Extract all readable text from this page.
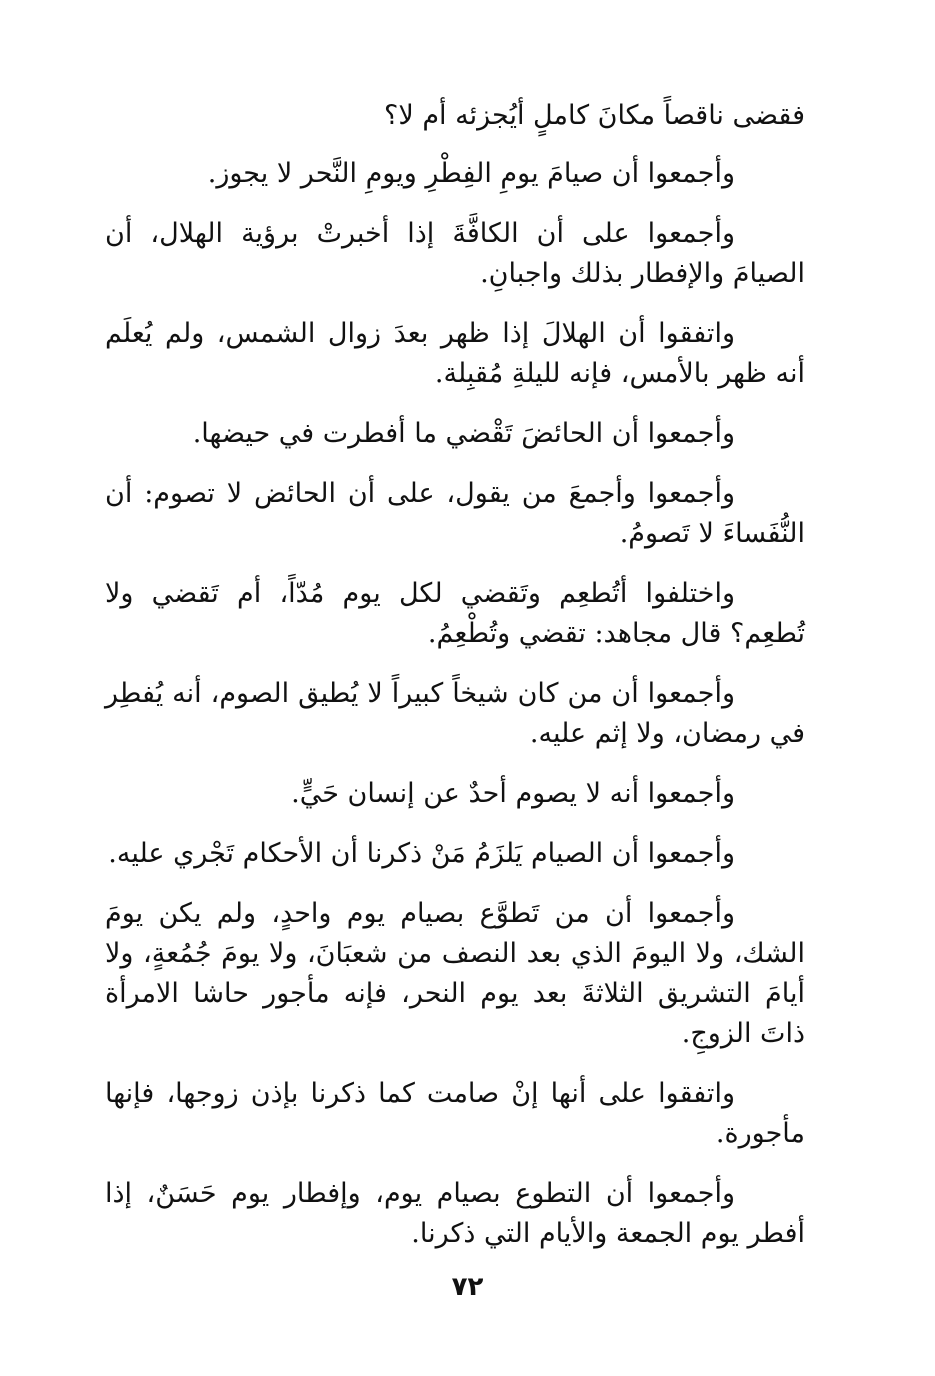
فقضى ناقصاً مكانَ كاملٍ أيُجزئه أم لا؟

وأجمعوا أن صيامَ يومِ الفِطْرِ ويومِ النَّحر لا يجوز.

وأجمعوا على أن الكافَّةَ إذا أخبرتْ برؤية الهلال، أن الصيامَ والإفطار بذلك واجبانِ.

واتفقوا أن الهلالَ إذا ظهر بعدَ زوال الشمس، ولم يُعلَم أنه ظهر بالأمس، فإنه لليلةِ مُقبِلة.

وأجمعوا أن الحائضَ تَقْضي ما أفطرت في حيضها.

وأجمعوا وأجمعَ من يقول، على أن الحائض لا تصوم: أن النُّفَساءَ لا تَصومُ.

واختلفوا أتُطعِم وتَقضي لكل يوم مُدّاً، أم تَقضي ولا تُطعِم؟ قال مجاهد: تقضي وتُطْعِمُ.

وأجمعوا أن من كان شيخاً كبيراً لا يُطيق الصوم، أنه يُفطِر في رمضان، ولا إثم عليه.

وأجمعوا أنه لا يصوم أحدٌ عن إنسان حَيٍّ.

وأجمعوا أن الصيام يَلزَمُ مَنْ ذكرنا أن الأحكام تَجْري عليه.

وأجمعوا أن من تَطوَّع بصيام يوم واحدٍ، ولم يكن يومَ الشك، ولا اليومَ الذي بعد النصف من شعبَانَ، ولا يومَ جُمُعةٍ، ولا أيامَ التشريق الثلاثةَ بعد يوم النحر، فإنه مأجور حاشا الامرأة ذاتَ الزوجِ.

واتفقوا على أنها إنْ صامت كما ذكرنا بإذن زوجها، فإنها مأجورة.

وأجمعوا أن التطوع بصيام يوم، وإفطار يوم حَسَنٌ، إذا أفطر يوم الجمعة والأيام التي ذكرنا.

٧٢
